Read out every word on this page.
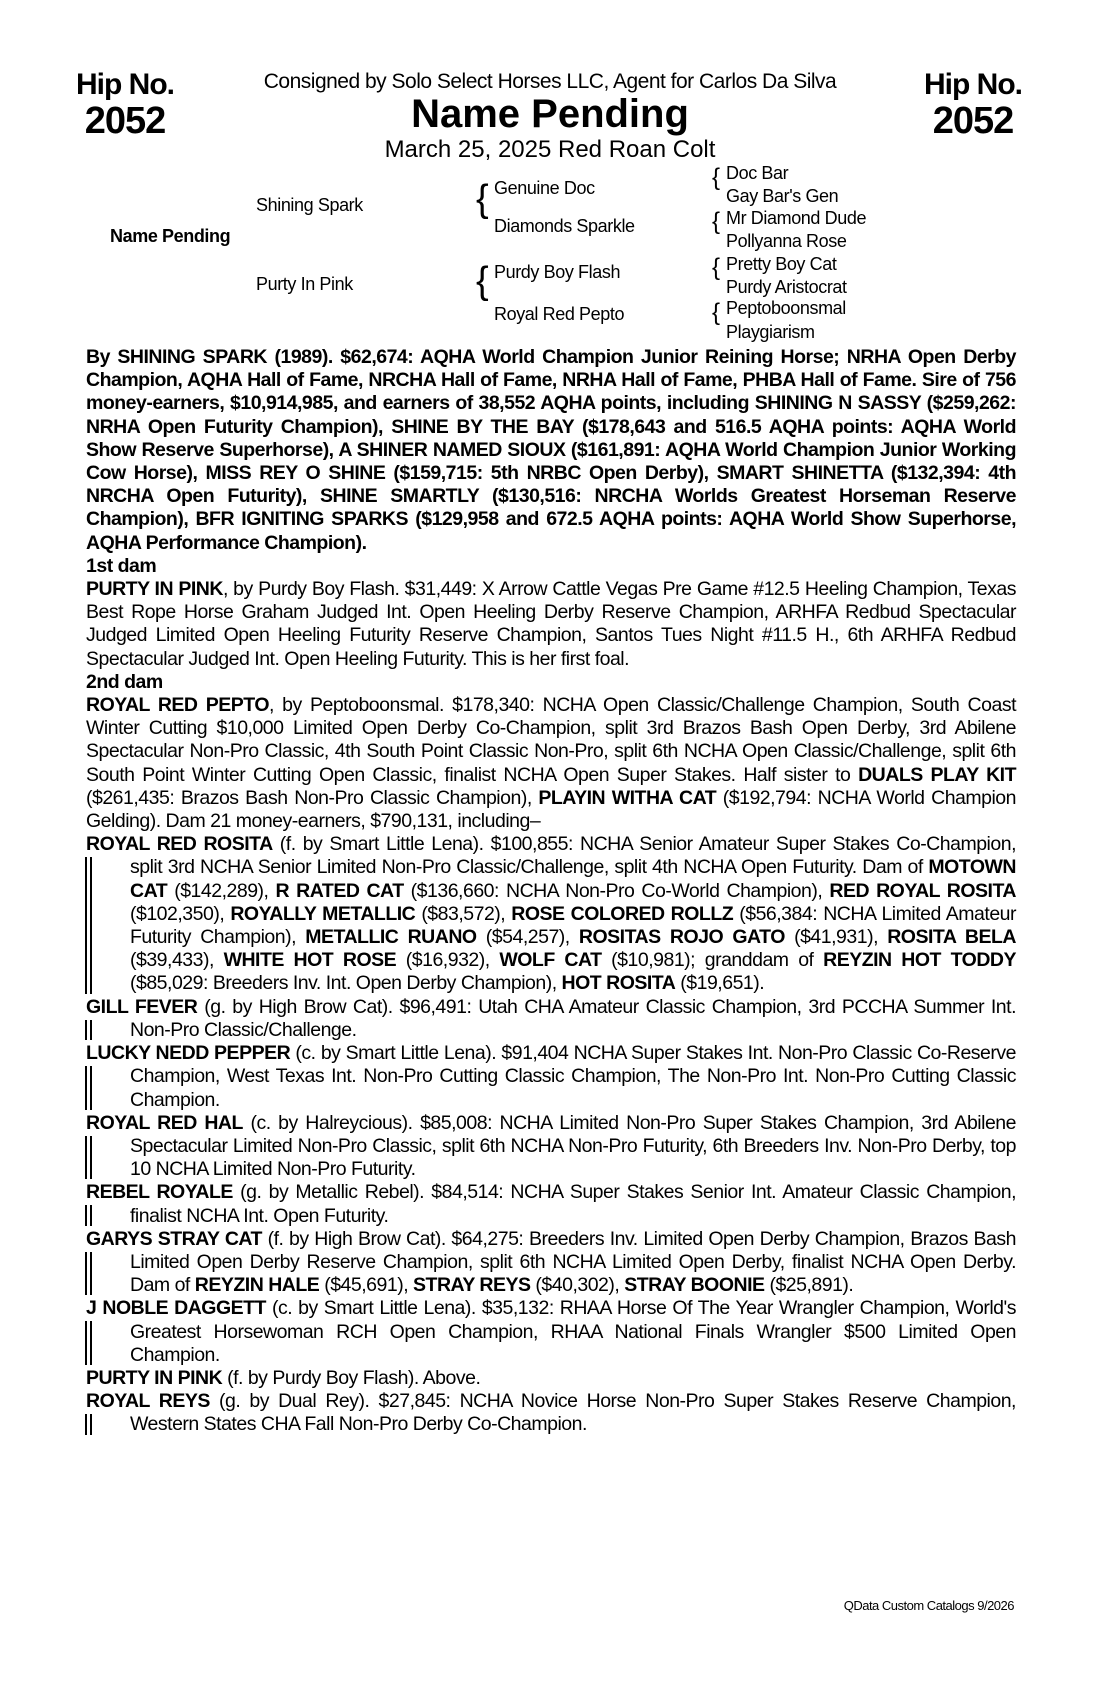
Hip No.
2052
Hip No.
2052
Consigned by Solo Select Horses LLC, Agent for Carlos Da Silva
Name Pending
March 25, 2025 Red Roan Colt
Name Pending
Shining Spark
Purty In Pink
{ Genuine Doc
Diamonds Sparkle
{ Purdy Boy Flash
Royal Red Pepto
{ Doc Bar
Gay Bar's Gen
{ Mr Diamond Dude
Pollyanna Rose
{ Pretty Boy Cat
Purdy Aristocrat
{ Peptoboonsmal
Playgiarism

By SHINING SPARK (1989). $62,674: AQHA World Champion Junior Reining Horse; NRHA Open Derby Champion, AQHA Hall of Fame, NRCHA Hall of Fame, NRHA Hall of Fame, PHBA Hall of Fame. Sire of 756 money-earners, $10,914,985, and earners of 38,552 AQHA points, including SHINING N SASSY ($259,262: NRHA Open Futurity Champion), SHINE BY THE BAY ($178,643 and 516.5 AQHA points: AQHA World Show Reserve Superhorse), A SHINER NAMED SIOUX ($161,891: AQHA World Champion Junior Working Cow Horse), MISS REY O SHINE ($159,715: 5th NRBC Open Derby), SMART SHINETTA ($132,394: 4th NRCHA Open Futurity), SHINE SMARTLY ($130,516: NRCHA Worlds Greatest Horseman Reserve Champion), BFR IGNITING SPARKS ($129,958 and 672.5 AQHA points: AQHA World Show Superhorse, AQHA Performance Champion).

1st dam

PURTY IN PINK, by Purdy Boy Flash. $31,449: X Arrow Cattle Vegas Pre Game #12.5 Heeling Champion, Texas Best Rope Horse Graham Judged Int. Open Heeling Derby Reserve Champion, ARHFA Redbud Spectacular Judged Limited Open Heeling Futurity Reserve Champion, Santos Tues Night #11.5 H., 6th ARHFA Redbud Spectacular Judged Int. Open Heeling Futurity. This is her first foal.

2nd dam

ROYAL RED PEPTO, by Peptoboonsmal. $178,340: NCHA Open Classic/Challenge Champion, South Coast Winter Cutting $10,000 Limited Open Derby Co-Champion, split 3rd Brazos Bash Open Derby, 3rd Abilene Spectacular Non-Pro Classic, 4th South Point Classic Non-Pro, split 6th NCHA Open Classic/Challenge, split 6th South Point Winter Cutting Open Classic, finalist NCHA Open Super Stakes. Half sister to DUALS PLAY KIT ($261,435: Brazos Bash Non-Pro Classic Champion), PLAYIN WITHA CAT ($192,794: NCHA World Champion Gelding). Dam 21 money-earners, $790,131, including–

ROYAL RED ROSITA (f. by Smart Little Lena). $100,855: NCHA Senior Amateur Super Stakes Co-Champion, split 3rd NCHA Senior Limited Non-Pro Classic/Challenge, split 4th NCHA Open Futurity. Dam of MOTOWN CAT ($142,289), R RATED CAT ($136,660: NCHA Non-Pro Co-World Champion), RED ROYAL ROSITA ($102,350), ROYALLY METALLIC ($83,572), ROSE COLORED ROLLZ ($56,384: NCHA Limited Amateur Futurity Champion), METALLIC RUANO ($54,257), ROSITAS ROJO GATO ($41,931), ROSITA BELA ($39,433), WHITE HOT ROSE ($16,932), WOLF CAT ($10,981); granddam of REYZIN HOT TODDY ($85,029: Breeders Inv. Int. Open Derby Champion), HOT ROSITA ($19,651).

GILL FEVER (g. by High Brow Cat). $96,491: Utah CHA Amateur Classic Champion, 3rd PCCHA Summer Int. Non-Pro Classic/Challenge.

LUCKY NEDD PEPPER (c. by Smart Little Lena). $91,404 NCHA Super Stakes Int. Non-Pro Classic Co-Reserve Champion, West Texas Int. Non-Pro Cutting Classic Champion, The Non-Pro Int. Non-Pro Cutting Classic Champion.

ROYAL RED HAL (c. by Halreycious). $85,008: NCHA Limited Non-Pro Super Stakes Champion, 3rd Abilene Spectacular Limited Non-Pro Classic, split 6th NCHA Non-Pro Futurity, 6th Breeders Inv. Non-Pro Derby, top 10 NCHA Limited Non-Pro Futurity.

REBEL ROYALE (g. by Metallic Rebel). $84,514: NCHA Super Stakes Senior Int. Amateur Classic Champion, finalist NCHA Int. Open Futurity.

GARYS STRAY CAT (f. by High Brow Cat). $64,275: Breeders Inv. Limited Open Derby Champion, Brazos Bash Limited Open Derby Reserve Champion, split 6th NCHA Limited Open Derby, finalist NCHA Open Derby. Dam of REYZIN HALE ($45,691), STRAY REYS ($40,302), STRAY BOONIE ($25,891).

J NOBLE DAGGETT (c. by Smart Little Lena). $35,132: RHAA Horse Of The Year Wrangler Champion, World's Greatest Horsewoman RCH Open Champion, RHAA National Finals Wrangler $500 Limited Open Champion.

PURTY IN PINK (f. by Purdy Boy Flash). Above.

ROYAL REYS (g. by Dual Rey). $27,845: NCHA Novice Horse Non-Pro Super Stakes Reserve Champion, Western States CHA Fall Non-Pro Derby Co-Champion.

QData Custom Catalogs 9/2026
